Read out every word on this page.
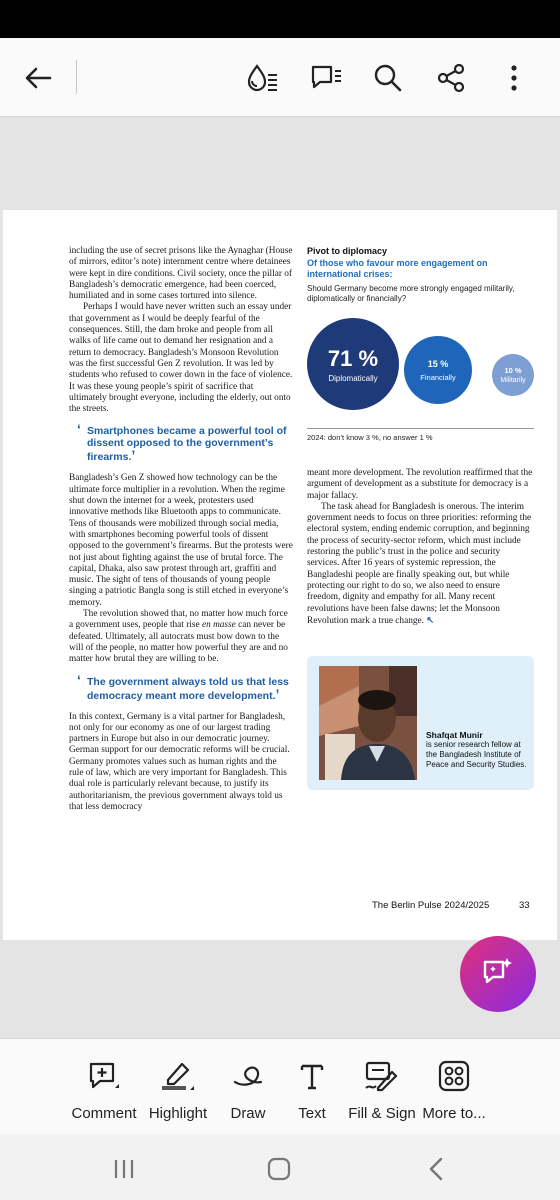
including the use of secret prisons like the Aynaghar (House of mirrors, editor’s note) internment centre where detainees were kept in dire conditions. Civil society, once the pillar of Bangladesh’s democratic emergence, had been coerced, humiliated and in some cases tortured into silence.

Perhaps I would have never written such an essay under that government as I would be deeply fearful of the consequences. Still, the dam broke and people from all walks of life came out to demand her resignation and a return to democracy. Bangladesh’s Monsoon Revolution was the first successful Gen Z revolution. It was led by students who refused to cower down in the face of violence. It was these young people’s spirit of sacrifice that ultimately brought everyone, including the elderly, out onto the streets.

‘ Smartphones became a powerful tool of dissent opposed to the government’s firearms.’

Bangladesh’s Gen Z showed how technology can be the ultimate force multiplier in a revolution. When the regime shut down the internet for a week, protesters used innovative methods like Bluetooth apps to communicate. Tens of thousands were mobilized through social media, with smartphones becoming powerful tools of dissent opposed to the government’s firearms. But the protests were not just about fighting against the use of brutal force. The capital, Dhaka, also saw protest through art, graffiti and music. The sight of tens of thousands of young people singing a patriotic Bangla song is still etched in everyone’s memory.

The revolution showed that, no matter how much force a government uses, people that rise en masse can never be defeated. Ultimately, all autocrats must bow down to the will of the people, no matter how powerful they are and no matter how brutal they are willing to be.

‘ The government always told us that less democracy meant more development.’

In this context, Germany is a vital partner for Bangladesh, not only for our economy as one of our largest trading partners in Europe but also in our democratic journey. German support for our democratic reforms will be crucial. Germany promotes values such as human rights and the rule of law, which are very important for Bangladesh. This dual role is particularly relevant because, to justify its authoritarianism, the previous government always told us that less democracy

Pivot to diplomacy
Of those who favour more engagement on international crises:
Should Germany become more strongly engaged militarily, diplomatically or financially?
71 %
Diplomatically
15 %
Financially
10 %
Militarily
2024: don’t know 3 %, no answer 1 %

meant more development. The revolution reaffirmed that the argument of development as a substitute for democracy is a major fallacy.

The task ahead for Bangladesh is onerous. The interim government needs to focus on three priorities: reforming the electoral system, ending endemic corruption, and beginning the process of security-sector reform, which must include restoring the public’s trust in the police and security services. After 16 years of systemic repression, the Bangladeshi people are finally speaking out, but while protecting our right to do so, we also need to ensure freedom, dignity and empathy for all. Many recent revolutions have been false dawns; let the Monsoon Revolution mark a true change. ↖

Shafqat Munir
is senior research fellow at the Bangladesh Institute of Peace and Security Studies.
The Berlin Pulse 2024/2025	33
Comment Highlight Draw	Text Fill & Sign More to...
